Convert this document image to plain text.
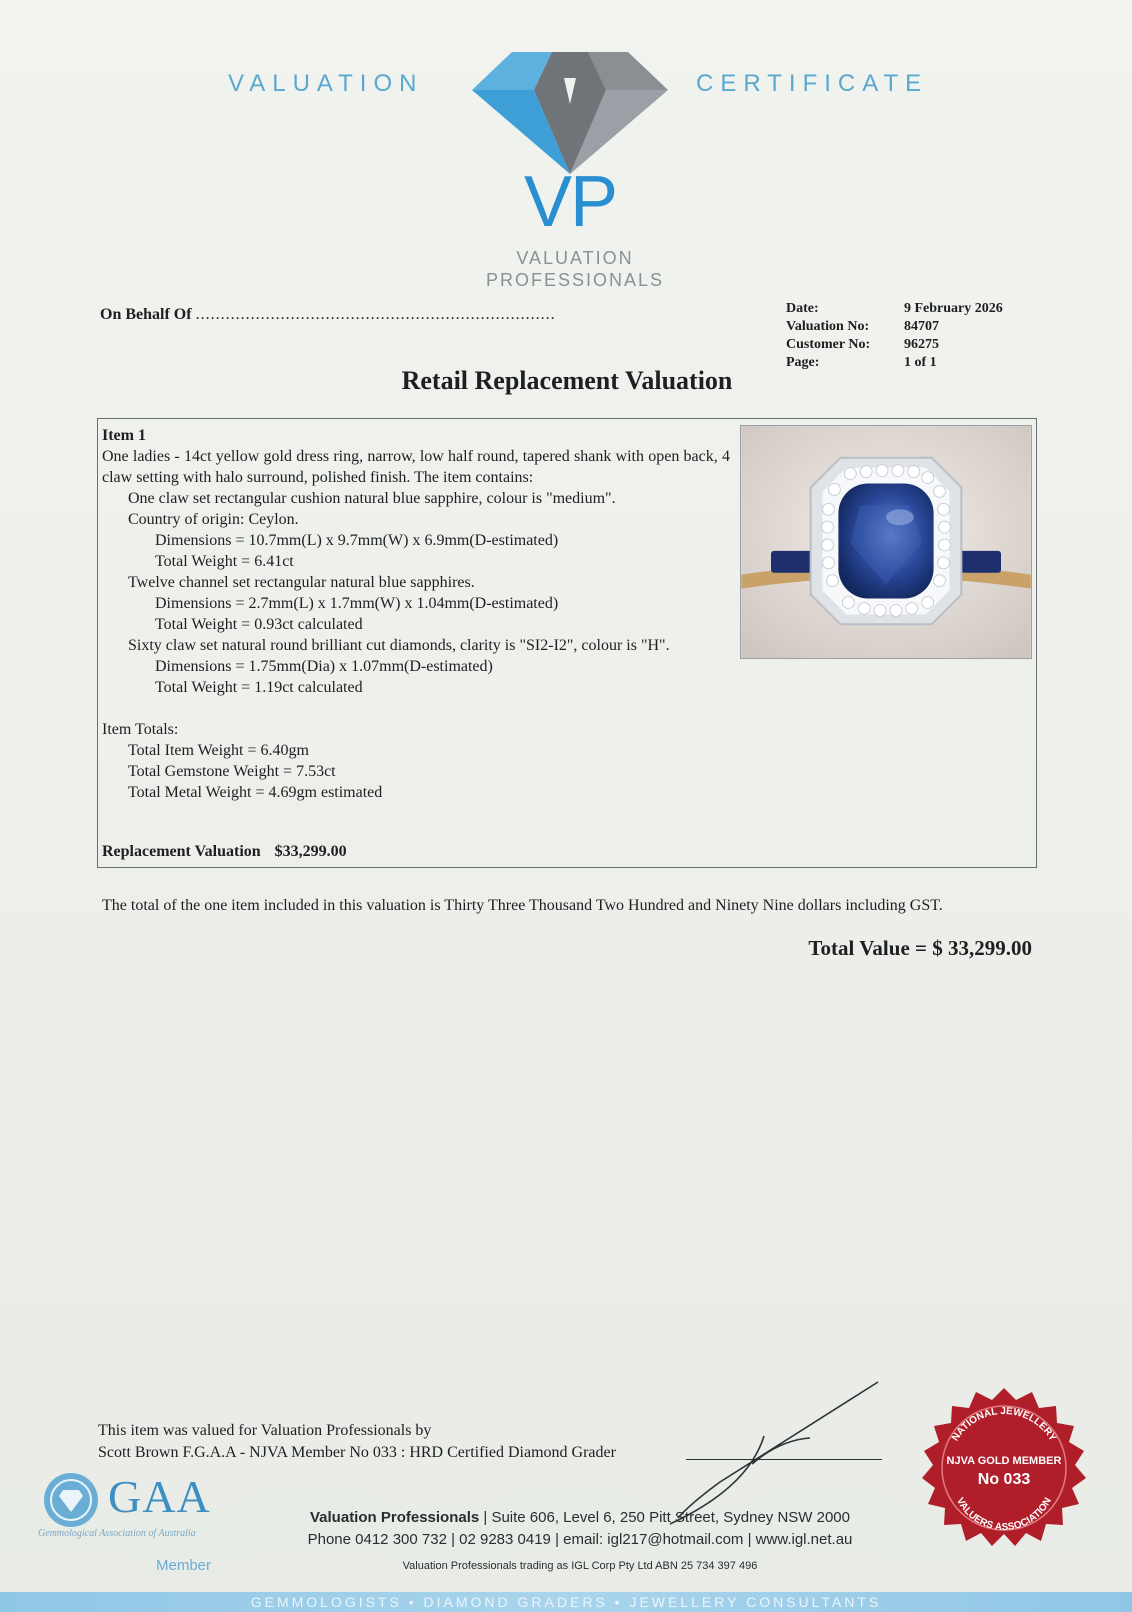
VALUATION	CERTIFICATE
VP
VALUATION
PROFESSIONALS
On Behalf Of ........................................................................	Date:	9 February 2026
Valuation No:	84707
Customer No:	96275
Page:	1 of 1
Retail Replacement Valuation
Item 1
One ladies - 14ct yellow gold dress ring, narrow, low half round, tapered shank with open back, 4 claw setting with halo surround, polished finish. The item contains:
One claw set rectangular cushion natural blue sapphire, colour is "medium".
Country of origin: Ceylon.
Dimensions = 10.7mm(L) x 9.7mm(W) x 6.9mm(D-estimated)
Total Weight = 6.41ct
Twelve channel set rectangular natural blue sapphires.
Dimensions = 2.7mm(L) x 1.7mm(W) x 1.04mm(D-estimated)
Total Weight = 0.93ct calculated
Sixty claw set natural round brilliant cut diamonds, clarity is "SI2-I2", colour is "H".
Dimensions = 1.75mm(Dia) x 1.07mm(D-estimated)
Total Weight = 1.19ct calculated
Item Totals:
Total Item Weight = 6.40gm
Total Gemstone Weight = 7.53ct
Total Metal Weight = 4.69gm estimated
Replacement Valuation $33,299.00
The total of the one item included in this valuation is Thirty Three Thousand Two Hundred and Ninety Nine dollars including GST.
Total Value = $ 33,299.00
This item was valued for Valuation Professionals by
Scott Brown F.G.A.A - NJVA Member No 033 : HRD Certified Diamond Grader
GAA
Gemmological Association of Australia
Member
Valuation Professionals | Suite 606, Level 6, 250 Pitt Street, Sydney NSW 2000
Phone 0412 300 732 | 02 9283 0419 | email: igl217@hotmail.com | www.igl.net.au
Valuation Professionals trading as IGL Corp Pty Ltd ABN 25 734 397 496
NATIONAL JEWELLERY
VALUERS ASSOCIATION
NJVA GOLD MEMBER
No 033
GEMMOLOGISTS • DIAMOND GRADERS • JEWELLERY CONSULTANTS
